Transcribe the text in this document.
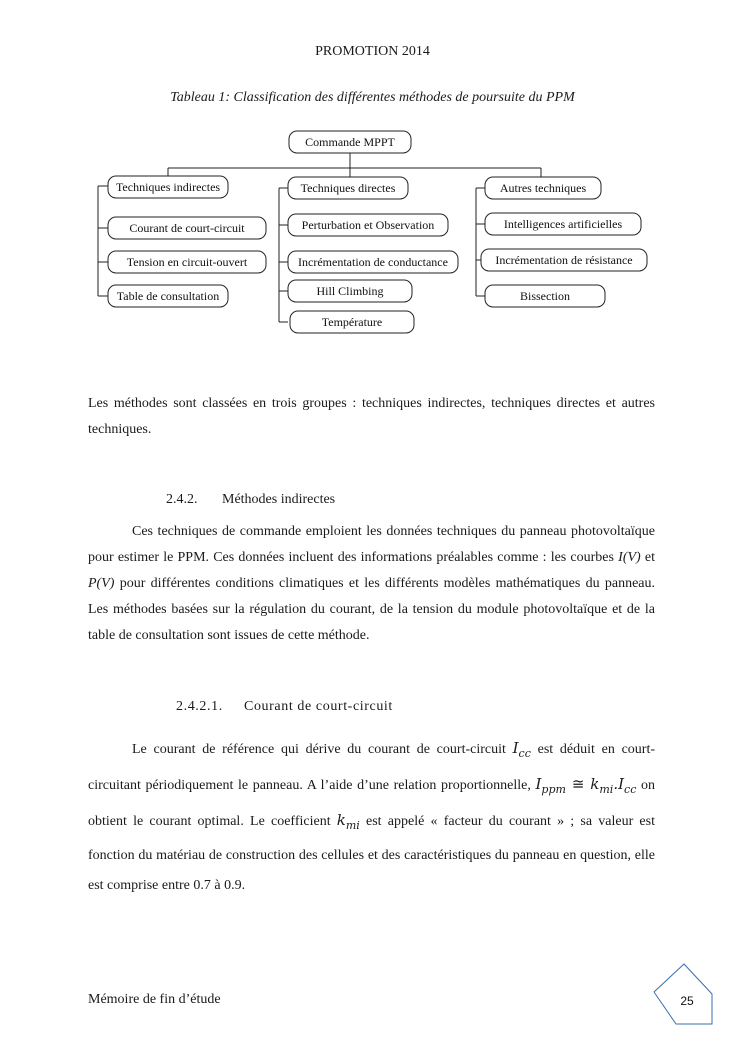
PROMOTION 2014
Tableau 1: Classification des différentes méthodes de poursuite du PPM
Commande MPPT
Techniques indirectes
Courant de court-circuit
Tension en circuit-ouvert
Table de consultation
Techniques directes
Perturbation et Observation
Incrémentation de conductance
Hill Climbing
Température
Autres techniques
Intelligences artificielles
Incrémentation de résistance
Bissection
Les méthodes sont classées en trois groupes : techniques indirectes, techniques directes et autres techniques.
2.4.2. Méthodes indirectes
Ces techniques de commande emploient les données techniques du panneau photovoltaïque pour estimer le PPM. Ces données incluent des informations préalables comme : les courbes I(V) et P(V) pour différentes conditions climatiques et les différents modèles mathématiques du panneau. Les méthodes basées sur la régulation du courant, de la tension du module photovoltaïque et de la table de consultation sont issues de cette méthode.
2.4.2.1. Courant de court-circuit
Le courant de référence qui dérive du courant de court-circuit $I_{cc}$ est déduit en court-circuitant périodiquement le panneau. A l’aide d’une relation proportionnelle, $I_{ppm}$ ≅ $k_{mi}.I_{cc}$ on obtient le courant optimal. Le coefficient $k_{mi}$ est appelé « facteur du courant » ; sa valeur est fonction du matériau de construction des cellules et des caractéristiques du panneau en question, elle est comprise entre 0.7 à 0.9.
Mémoire de fin d’étude	25
